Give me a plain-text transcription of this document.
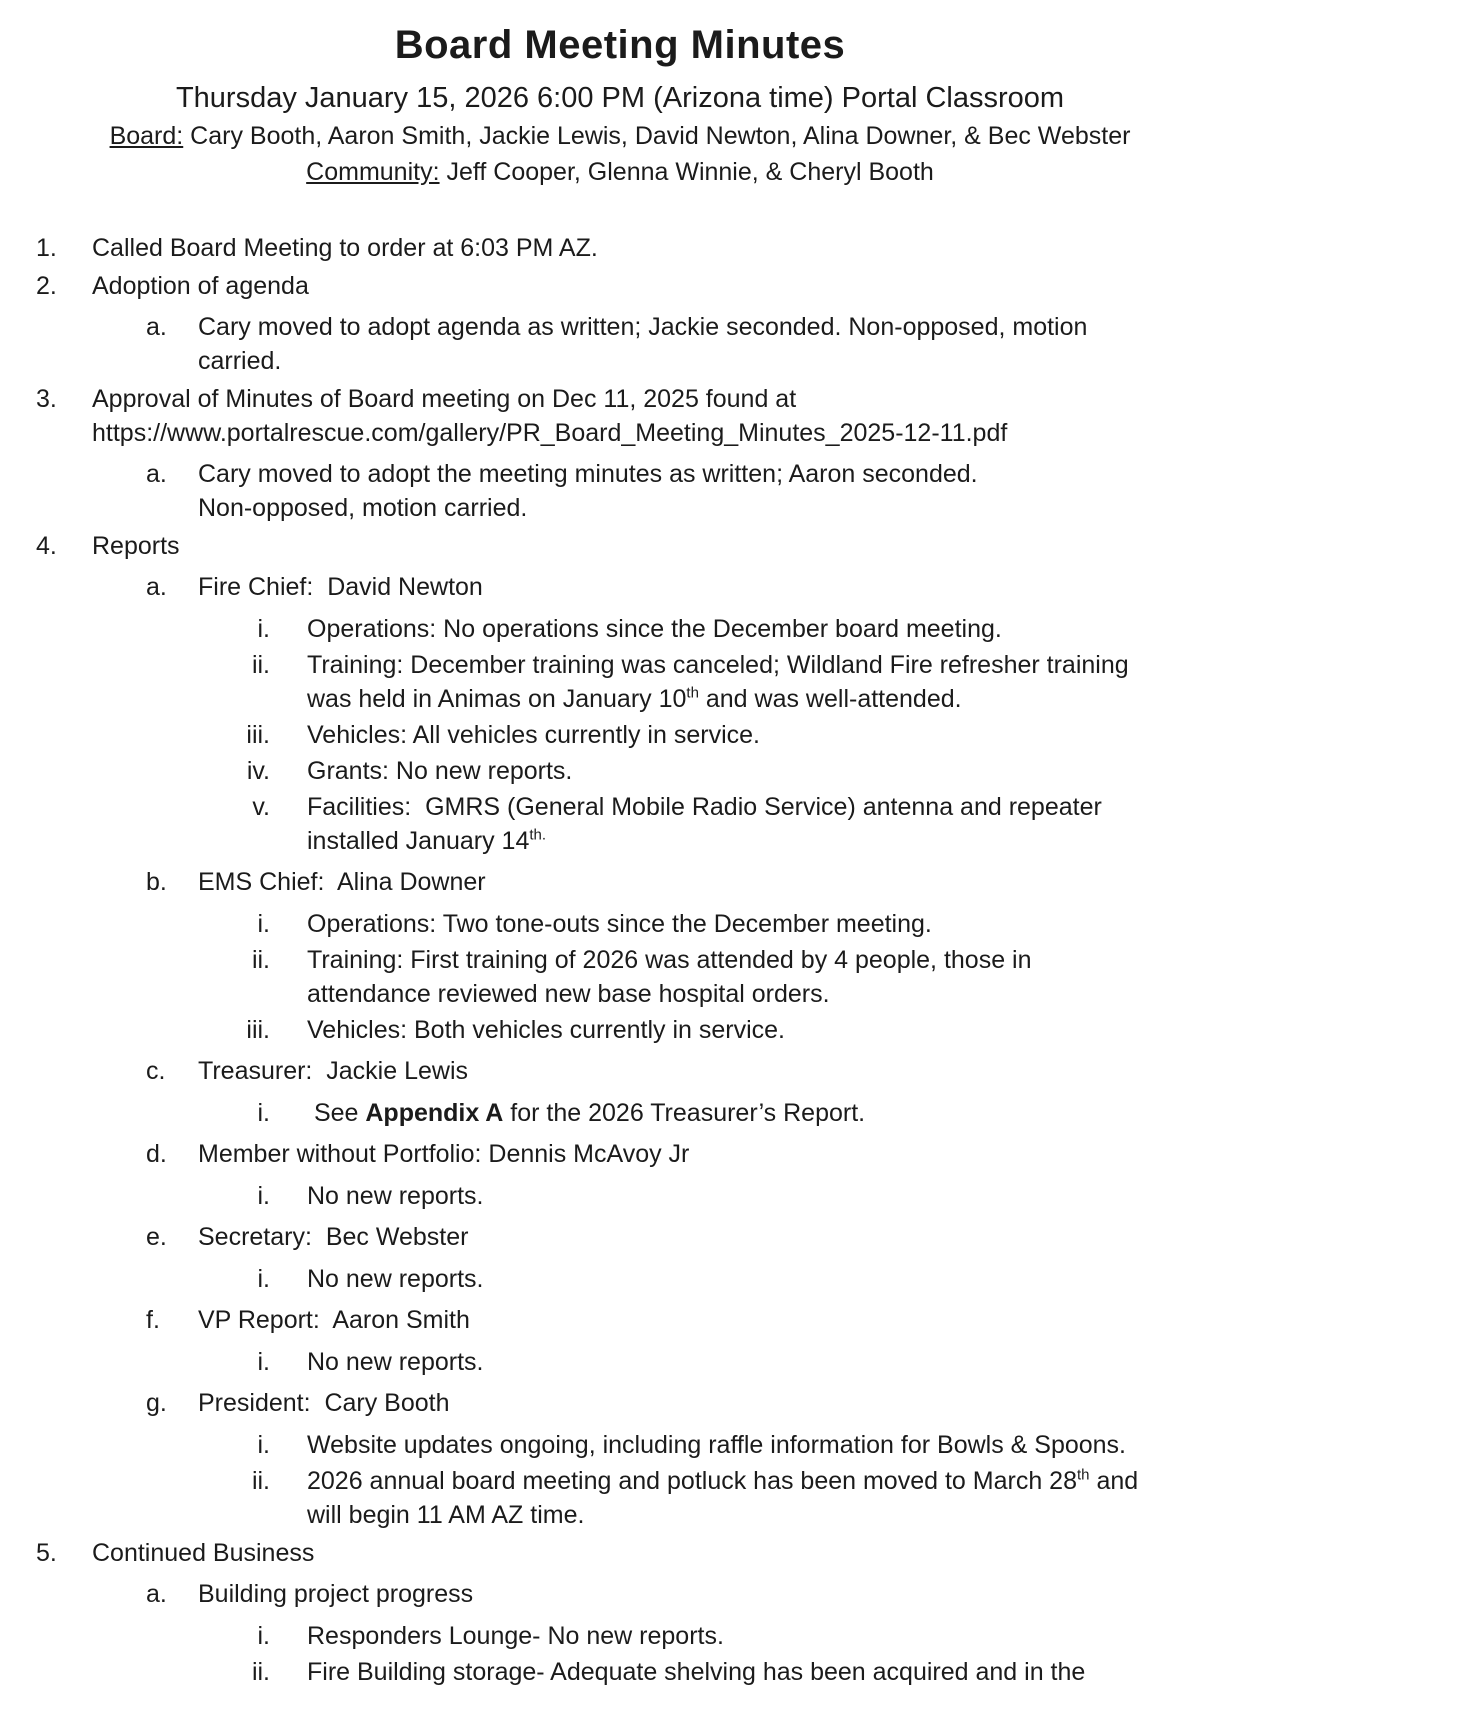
Board Meeting Minutes
Thursday January 15, 2026 6:00 PM (Arizona time) Portal Classroom
Board: Cary Booth, Aaron Smith, Jackie Lewis, David Newton, Alina Downer, & Bec Webster
Community: Jeff Cooper, Glenna Winnie, & Cheryl Booth
1.	Called Board Meeting to order at 6:03 PM AZ.
2.	Adoption of agenda
a.	Cary moved to adopt agenda as written; Jackie seconded. Non-opposed, motion
carried.
3.	Approval of Minutes of Board meeting on Dec 11, 2025 found at
https://www.portalrescue.com/gallery/PR_Board_Meeting_Minutes_2025-12-11.pdf
a.	Cary moved to adopt the meeting minutes as written; Aaron seconded.
Non-opposed, motion carried.
4.	Reports
a.	Fire Chief:  David Newton
i.	Operations: No operations since the December board meeting.
ii.	Training: December training was canceled; Wildland Fire refresher training
was held in Animas on January 10th and was well-attended.
iii.	Vehicles: All vehicles currently in service.
iv.	Grants: No new reports.
v.	Facilities:  GMRS (General Mobile Radio Service) antenna and repeater
installed January $14^{th.}$
b.	EMS Chief:  Alina Downer
i.	Operations: Two tone-outs since the December meeting.
ii.	Training: First training of 2026 was attended by 4 people, those in
attendance reviewed new base hospital orders.
iii.	Vehicles: Both vehicles currently in service.
c.	Treasurer:  Jackie Lewis
i.	See Appendix A for the 2026 Treasurer’s Report.
d.	Member without Portfolio: Dennis McAvoy Jr
i.	No new reports.
e.	Secretary:  Bec Webster
i.	No new reports.
f.	VP Report:  Aaron Smith
i.	No new reports.
g.	President:  Cary Booth
i.	Website updates ongoing, including raffle information for Bowls & Spoons.
ii.	2026 annual board meeting and potluck has been moved to March 28th and
will begin 11 AM AZ time.
5.	Continued Business
a.	Building project progress
i.	Responders Lounge- No new reports.
ii.	Fire Building storage- Adequate shelving has been acquired and in the
